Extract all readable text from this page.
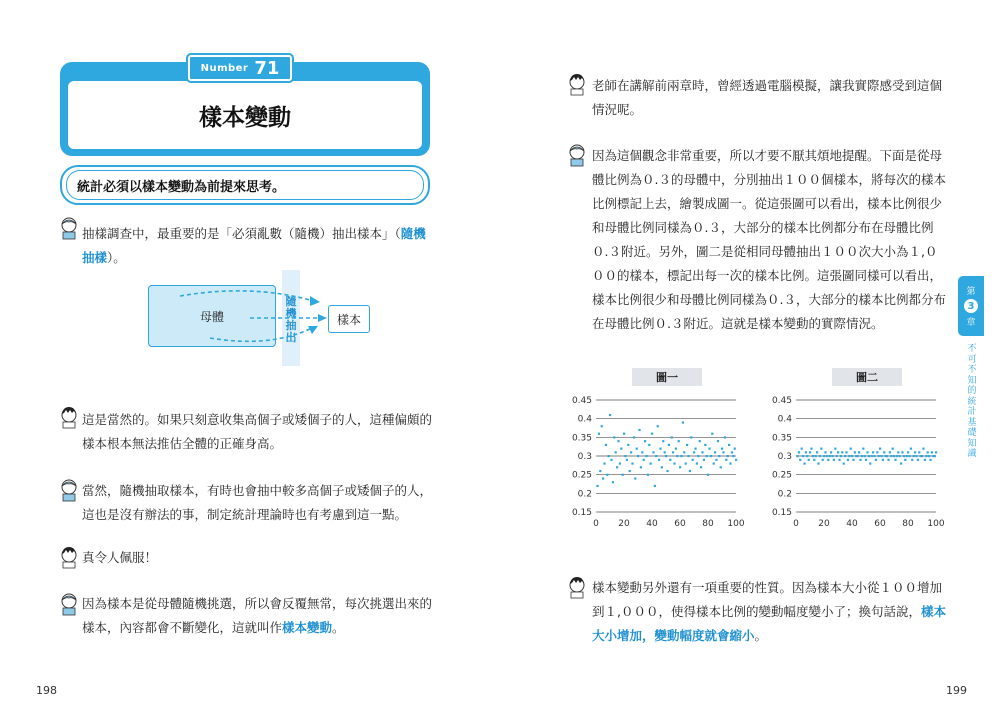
Number 71
樣本變動
統計必須以樣本變動為前提來思考。
抽樣調查中，最重要的是「必須亂數（隨機）抽出樣本」（隨機抽樣）。
母體
隨機抽出
樣本
這是當然的。如果只刻意收集高個子或矮個子的人，這種偏頗的樣本根本無法推估全體的正確身高。
當然，隨機抽取樣本，有時也會抽中較多高個子或矮個子的人，這也是沒有辦法的事，制定統計理論時也有考慮到這一點。
真令人佩服！
因為樣本是從母體隨機挑選，所以會反覆無常，每次挑選出來的樣本，內容都會不斷變化，這就叫作樣本變動。
198
老師在講解前兩章時，曾經透過電腦模擬，讓我實際感受到這個情況呢。
因為這個觀念非常重要，所以才要不厭其煩地提醒。下面是從母體比例為０.３的母體中，分別抽出１００個樣本，將每次的樣本比例標記上去，繪製成圖一。從這張圖可以看出，樣本比例很少和母體比例同樣為０.３，大部分的樣本比例都分布在母體比例０.３附近。另外，圖二是從相同母體抽出１００次大小為１,０００的樣本，標記出每一次的樣本比例。這張圖同樣可以看出，樣本比例很少和母體比例同樣為０.３，大部分的樣本比例都分布在母體比例０.３附近。這就是樣本變動的實際情況。
圖一	圖二
0.15
0.2
0.25
0.3
0.35
0.4
0.45
0 20 40 60 80 100
0.15
0.2
0.25
0.3
0.35
0.4
0.45
0 20 40 60 80 100
樣本變動另外還有一項重要的性質。因為樣本大小從１００增加到１,０００，使得樣本比例的變動幅度變小了；換句話說，樣本大小增加，變動幅度就會縮小。
199
第
3
章
不可不知的統計基礎知識
